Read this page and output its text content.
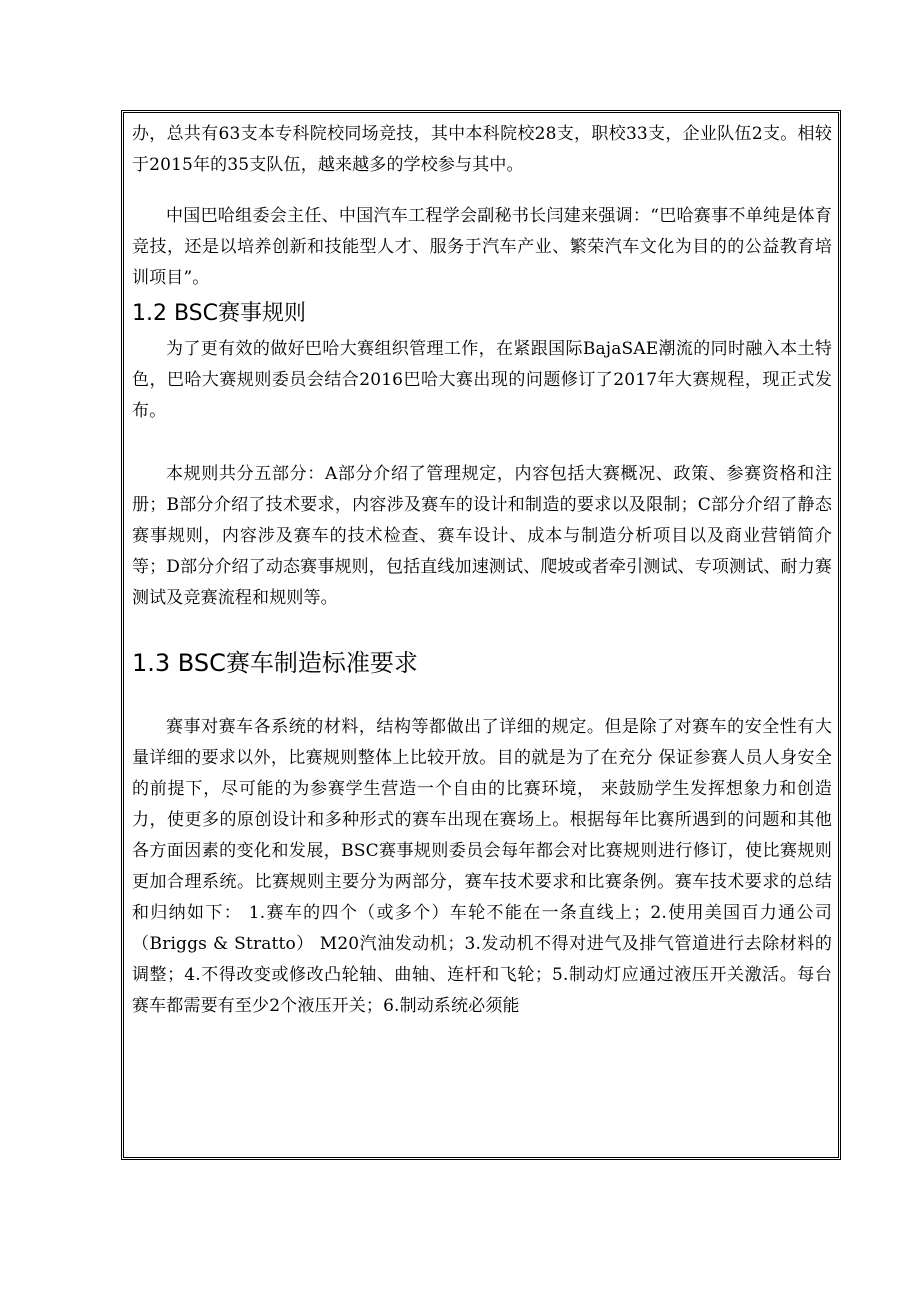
办，总共有63支本专科院校同场竞技，其中本科院校28支，职校33支，企业队伍2支。相较于2015年的35支队伍，越来越多的学校参与其中。

中国巴哈组委会主任、中国汽车工程学会副秘书长闫建来强调：“巴哈赛事不单纯是体育竞技，还是以培养创新和技能型人才、服务于汽车产业、繁荣汽车文化为目的的公益教育培训项目”。

1.2 BSC赛事规则

为了更有效的做好巴哈大赛组织管理工作，在紧跟国际BajaSAE潮流的同时融入本土特色，巴哈大赛规则委员会结合2016巴哈大赛出现的问题修订了2017年大赛规程，现正式发布。

本规则共分五部分：A部分介绍了管理规定，内容包括大赛概况、政策、参赛资格和注册；B部分介绍了技术要求，内容涉及赛车的设计和制造的要求以及限制；C部分介绍了静态赛事规则，内容涉及赛车的技术检查、赛车设计、成本与制造分析项目以及商业营销简介等；D部分介绍了动态赛事规则，包括直线加速测试、爬坡或者牵引测试、专项测试、耐力赛测试及竞赛流程和规则等。

1.3 BSC赛车制造标准要求

赛事对赛车各系统的材料，结构等都做出了详细的规定。但是除了对赛车的安全性有大量详细的要求以外，比赛规则整体上比较开放。目的就是为了在充分 保证参赛人员人身安全的前提下，尽可能的为参赛学生营造一个自由的比赛环境， 来鼓励学生发挥想象力和创造力，使更多的原创设计和多种形式的赛车出现在赛场上。根据每年比赛所遇到的问题和其他各方面因素的变化和发展，BSC赛事规则委员会每年都会对比赛规则进行修订，使比赛规则更加合理系统。比赛规则主要分为两部分，赛车技术要求和比赛条例。赛车技术要求的总结和归纳如下： 1.赛车的四个（或多个）车轮不能在一条直线上；2.使用美国百力通公司（Briggs & Stratto） M20汽油发动机；3.发动机不得对进气及排气管道进行去除材料的调整；4.不得改变或修改凸轮轴、曲轴、连杆和飞轮；5.制动灯应通过液压开关激活。每台赛车都需要有至少2个液压开关；6.制动系统必须能
